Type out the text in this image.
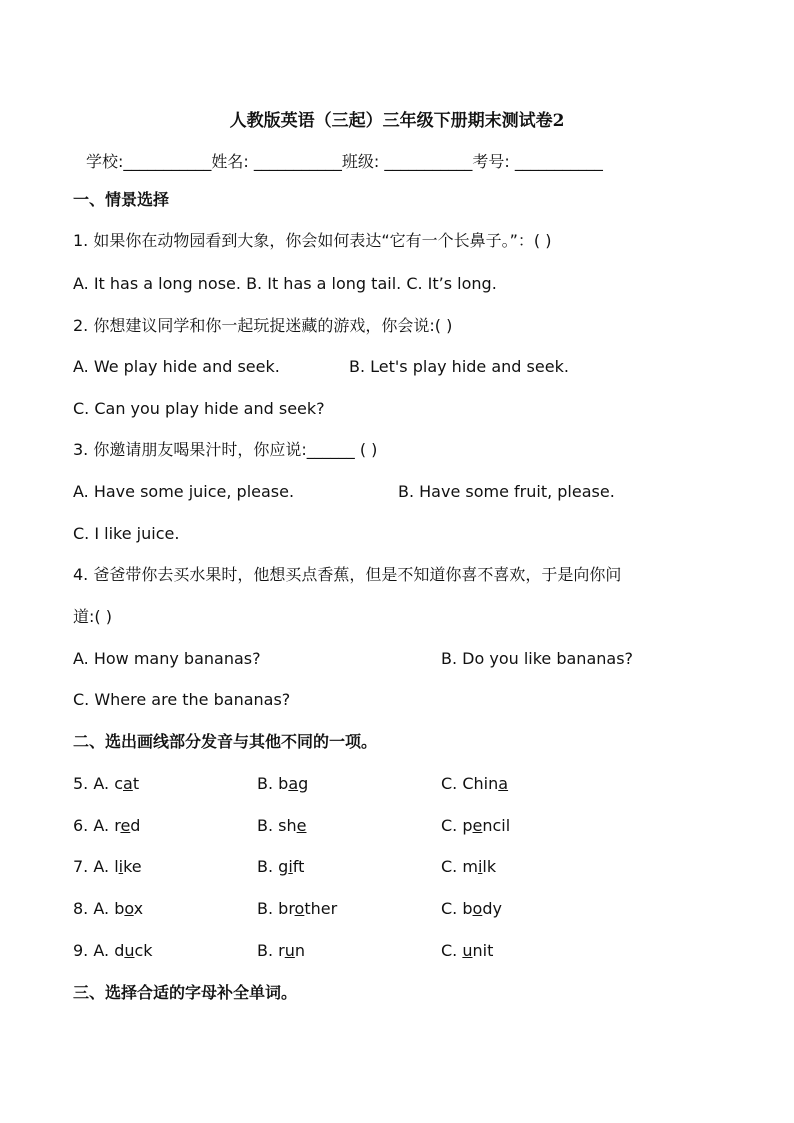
人教版英语（三起）三年级下册期末测试卷2
学校:___________姓名: ___________班级: ___________考号: ___________
一、情景选择
1. 如果你在动物园看到大象，你会如何表达“它有一个长鼻子。”：( )
A. It has a long nose. B. It has a long tail. C. It’s long.
2. 你想建议同学和你一起玩捉迷藏的游戏，你会说:( )
A. We play hide and seek.	B. Let's play hide and seek.
C. Can you play hide and seek?
3. 你邀请朋友喝果汁时，你应说:______ ( )
A. Have some juice, please.	B. Have some fruit, please.
C. I like juice.
4. 爸爸带你去买水果时，他想买点香蕉，但是不知道你喜不喜欢，于是向你问
道:( )
A. How many bananas?	B. Do you like bananas?
C. Where are the bananas?
二、选出画线部分发音与其他不同的一项。
5. A. cat	B. bag	C. China
6. A. red	B. she	C. pencil
7. A. like	B. gift	C. milk
8. A. box	B. brother	C. body
9. A. duck	B. run	C. unit
三、选择合适的字母补全单词。
